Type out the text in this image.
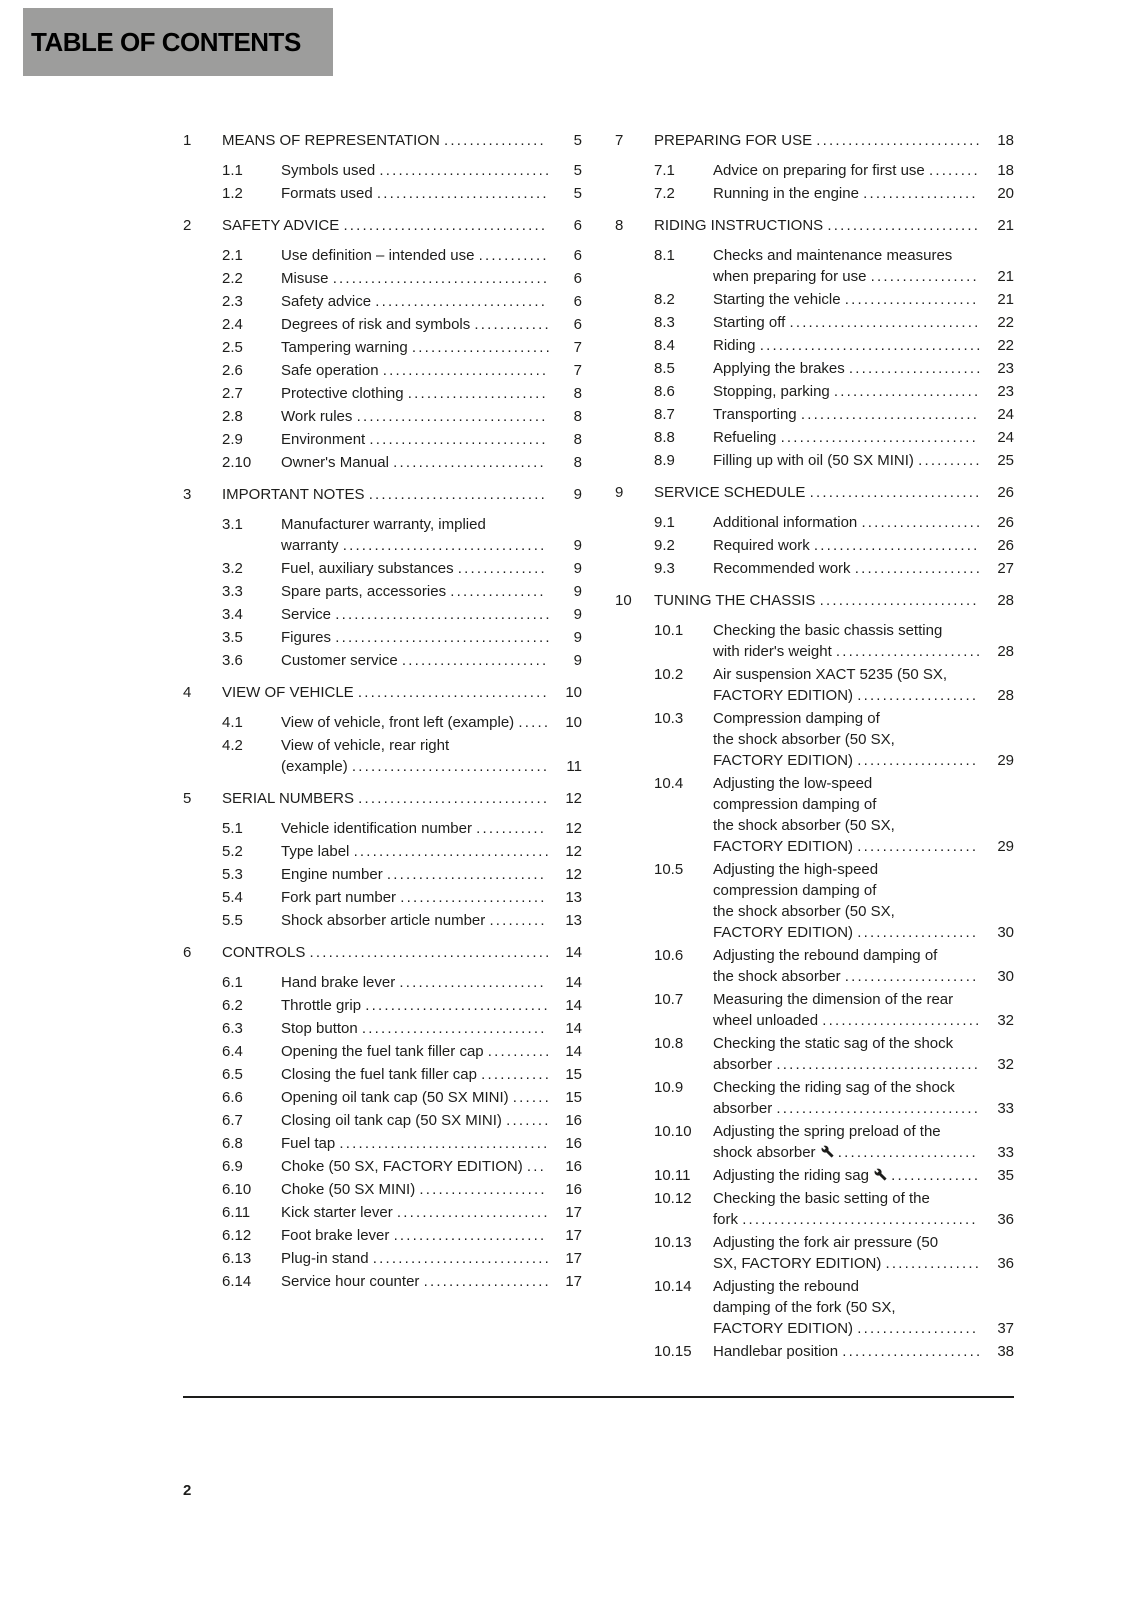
TABLE OF CONTENTS
1	MEANS OF REPRESENTATION ................ 5
1.1	Symbols used ........................... 5
1.2	Formats used ........................... 5
2	SAFETY ADVICE ................................ 6
2.1	Use definition – intended use ........... 6
2.2	Misuse .................................. 6
2.3	Safety advice ........................... 6
2.4	Degrees of risk and symbols ............ 6
2.5	Tampering warning ...................... 7
2.6	Safe operation .......................... 7
2.7	Protective clothing ...................... 8
2.8	Work rules .............................. 8
2.9	Environment ............................ 8
2.10	Owner's Manual ........................ 8
3	IMPORTANT NOTES ............................ 9
3.1	Manufacturer warranty, implied
warranty ................................ 9
3.2	Fuel, auxiliary substances .............. 9
3.3	Spare parts, accessories ............... 9
3.4	Service .................................. 9
3.5	Figures .................................. 9
3.6	Customer service ....................... 9
4	VIEW OF VEHICLE .............................. 10
4.1	View of vehicle, front left (example) ..... 10
4.2	View of vehicle, rear right
(example) ............................... 11
5	SERIAL NUMBERS .............................. 12
5.1	Vehicle identification number ........... 12
5.2	Type label ............................... 12
5.3	Engine number ......................... 12
5.4	Fork part number ....................... 13
5.5	Shock absorber article number ......... 13
6	CONTROLS ...................................... 14
6.1	Hand brake lever ....................... 14
6.2	Throttle grip ............................. 14
6.3	Stop button ............................. 14
6.4	Opening the fuel tank filler cap .......... 14
6.5	Closing the fuel tank filler cap ........... 15
6.6	Opening oil tank cap (50 SX MINI) ...... 15
6.7	Closing oil tank cap (50 SX MINI) ....... 16
6.8	Fuel tap ................................. 16
6.9	Choke (50 SX, FACTORY EDITION) ... 16
6.10	Choke (50 SX MINI) .................... 16
6.11	Kick starter lever ........................ 17
6.12	Foot brake lever ........................ 17
6.13	Plug-in stand ............................ 17
6.14	Service hour counter .................... 17
7	PREPARING FOR USE .......................... 18
7.1	Advice on preparing for first use ........ 18
7.2	Running in the engine .................. 20
8	RIDING INSTRUCTIONS ........................ 21
8.1	Checks and maintenance measures
when preparing for use ................. 21
8.2	Starting the vehicle ..................... 21
8.3	Starting off .............................. 22
8.4	Riding ................................... 22
8.5	Applying the brakes ..................... 23
8.6	Stopping, parking ....................... 23
8.7	Transporting ............................ 24
8.8	Refueling ............................... 24
8.9	Filling up with oil (50 SX MINI) .......... 25
9	SERVICE SCHEDULE ........................... 26
9.1	Additional information ................... 26
9.2	Required work .......................... 26
9.3	Recommended work .................... 27
10	TUNING THE CHASSIS ......................... 28
10.1	Checking the basic chassis setting
with rider's weight ....................... 28
10.2	Air suspension XACT 5235 (50 SX,
FACTORY EDITION) ................... 28
10.3	Compression damping of
the shock absorber (50 SX,
FACTORY EDITION) ................... 29
10.4	Adjusting the low-speed
compression damping of
the shock absorber (50 SX,
FACTORY EDITION) ................... 29
10.5	Adjusting the high-speed
compression damping of
the shock absorber (50 SX,
FACTORY EDITION) ................... 30
10.6	Adjusting the rebound damping of
the shock absorber ..................... 30
10.7	Measuring the dimension of the rear
wheel unloaded ......................... 32
10.8	Checking the static sag of the shock
absorber ................................ 32
10.9	Checking the riding sag of the shock
absorber ................................ 33
10.10	Adjusting the spring preload of the
shock absorber ...................... 33
10.11	Adjusting the riding sag .............. 35
10.12	Checking the basic setting of the
fork ..................................... 36
10.13	Adjusting the fork air pressure (50
SX, FACTORY EDITION) ............... 36
10.14	Adjusting the rebound
damping of the fork (50 SX,
FACTORY EDITION) ................... 37
10.15	Handlebar position ...................... 38
2
